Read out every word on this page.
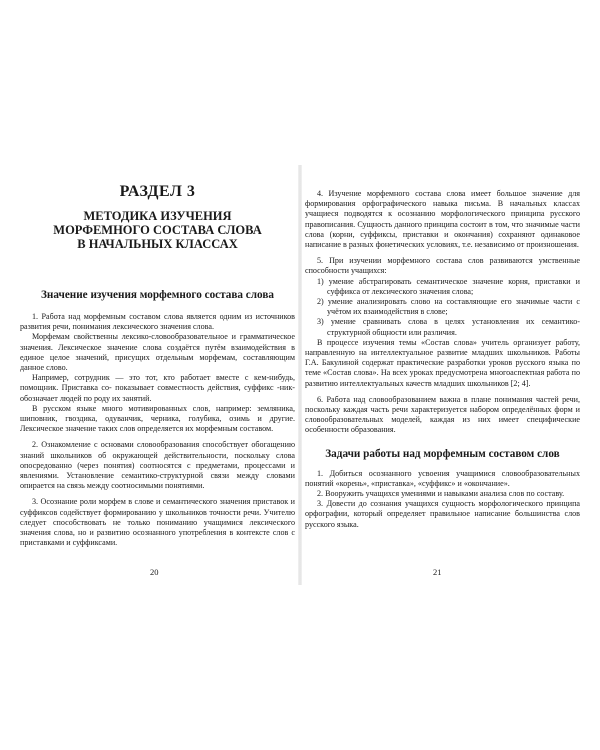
РАЗДЕЛ 3
МЕТОДИКА ИЗУЧЕНИЯ
МОРФЕМНОГО СОСТАВА СЛОВА
В НАЧАЛЬНЫХ КЛАССАХ
Значение изучения морфемного состава слова

1. Работа над морфемным составом слова является одним из источников развития речи, понимания лексического значения слова.

Морфемам свойственны лексико-словообразовательное и грамматическое значения. Лексическое значение слова создаётся путём взаимодействия в единое целое значений, присущих отдельным морфемам, составляющим данное слово.

Например, сотрудник — это тот, кто работает вместе с кем-нибудь, помощник. Приставка со- показывает совместность действия, суффикс -ник- обозначает людей по роду их занятий.

В русском языке много мотивированных слов, например: земляника, шиповник, гвоздика, одуванчик, черника, голубика, озимь и другие. Лексическое значение таких слов определяется их морфемным составом.

2. Ознакомление с основами словообразования способствует обогащению знаний школьников об окружающей действительности, поскольку слова опосредованно (через понятия) соотносятся с предметами, процессами и явлениями. Установление семантико-структурной связи между словами опирается на связь между соотносимыми понятиями.

3. Осознание роли морфем в слове и семантического значения приставок и суффиксов содействует формированию у школьников точности речи. Учителю следует способствовать не только пониманию учащимися лексического значения слова, но и развитию осознанного употребления в контексте слов с приставками и суффиксами.

20

4. Изучение морфемного состава слова имеет большое значение для формирования орфографического навыка письма. В начальных классах учащиеся подводятся к осознанию морфологического принципа русского правописания. Сущность данного принципа состоит в том, что значимые части слова (корни, суффиксы, приставки и окончания) сохраняют одинаковое написание в разных фонетических условиях, т.е. независимо от произношения.

5. При изучении морфемного состава слов развиваются умственные способности учащихся:

1) умение абстрагировать семантическое значение корня, приставки и суффикса от лексического значения слова;

2) умение анализировать слово на составляющие его значимые части с учётом их взаимодействия в слове;

3) умение сравнивать слова в целях установления их семантико-структурной общности или различия.

В процессе изучения темы «Состав слова» учитель организует работу, направленную на интеллектуальное развитие младших школьников. Работы Г.А. Бакулиной содержат практические разработки уроков русского языка по теме «Состав слова». На всех уроках предусмотрена многоаспектная работа по развитию интеллектуальных качеств младших школьников [2; 4].

6. Работа над словообразованием важна в плане понимания частей речи, поскольку каждая часть речи характеризуется набором определённых форм и словообразовательных моделей, каждая из них имеет специфические особенности образования.

Задачи работы над морфемным составом слов

1. Добиться осознанного усвоения учащимися словообразовательных понятий «корень», «приставка», «суффикс» и «окончание».

2. Вооружить учащихся умениями и навыками анализа слов по составу.

3. Довести до сознания учащихся сущность морфологического принципа орфографии, который определяет правильное написание большинства слов русского языка.

21
